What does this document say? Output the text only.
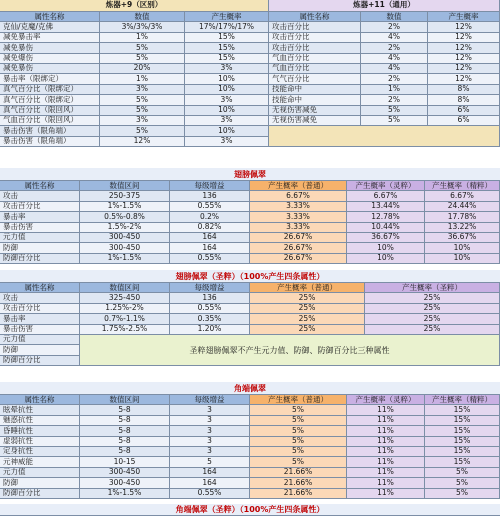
炼器+9（区别）	炼器+11（通用）
属性名称	数值	产生概率	属性名称	数值	产生概率
克仙/克魔/克佛	3%/3%/3%	17%/17%/17%
减免暴击率	1%	15%
减免暴伤	5%	15%
减免爆伤	5%	15%
减免暴伤	20%	3%
暴击率（限绑定）	1%	10%
真气百分比（限绑定）	3%	10%
真气百分比（限绑定）	5%	3%
真气百分比（限回风）	5%	10%
气血百分比（限回风）	3%	3%
暴击伤害（限角端）	5%	10%
暴击伤害（限角端）	12%	3%
攻击百分比	2%	12%
攻击百分比	4%	12%
攻击百分比	2%	12%
气血百分比	4%	12%
气血百分比	4%	12%
气气百分比	2%	12%
技能命中	1%	8%
技能命中	2%	8%
无视伤害减免	5%	6%
无视伤害减免	5%	6%
翅膀佩翠
属性名称	数值区间	每级增益	产生概率（普通）	产生概率（灵粹）	产生概率（精粹）
攻击	250-375	136	6.67%	6.67%	6.67%
攻击百分比	1%-1.5%	0.55%	3.33%	13.44%	24.44%
暴击率	0.5%-0.8%	0.2%	3.33%	12.78%	17.78%
暴击伤害	1.5%-2%	0.82%	3.33%	10.44%	13.22%
元力值	300-450	164	26.67%	36.67%	36.67%
防御	300-450	164	26.67%	10%	10%
防御百分比	1%-1.5%	0.55%	26.67%	10%	10%
翅膀佩翠（圣粹）（100%产生四条属性）
属性名称	数值区间	每级增益	产生概率（普通）	产生概率（圣粹）
攻击	325-450	136	25%	25%
攻击百分比	1.25%-2%	0.55%	25%	25%
暴击率	0.7%-1.1%	0.35%	25%	25%
暴击伤害	1.75%-2.5%	1.20%	25%	25%
元力值
防御
防御百分比
圣粹翅膀佩翠不产生元力值、防御、防御百分比三种属性
角端佩翠
属性名称	数值区间	每级增益	产生概率（普通）	产生概率（灵粹）	产生概率（精粹）
眩晕抗性	5-8	3	5%	11%	15%
魅惑抗性	5-8	3	5%	11%	15%
昏睡抗性	5-8	3	5%	11%	15%
虚弱抗性	5-8	3	5%	11%	15%
定身抗性	5-8	3	5%	11%	15%
元神威能	10-15	5	5%	11%	15%
元力值	300-450	164	21.66%	11%	5%
防御	300-450	164	21.66%	11%	5%
防御百分比	1%-1.5%	0.55%	21.66%	11%	5%
角端佩翠（圣粹）（100%产生四条属性）
